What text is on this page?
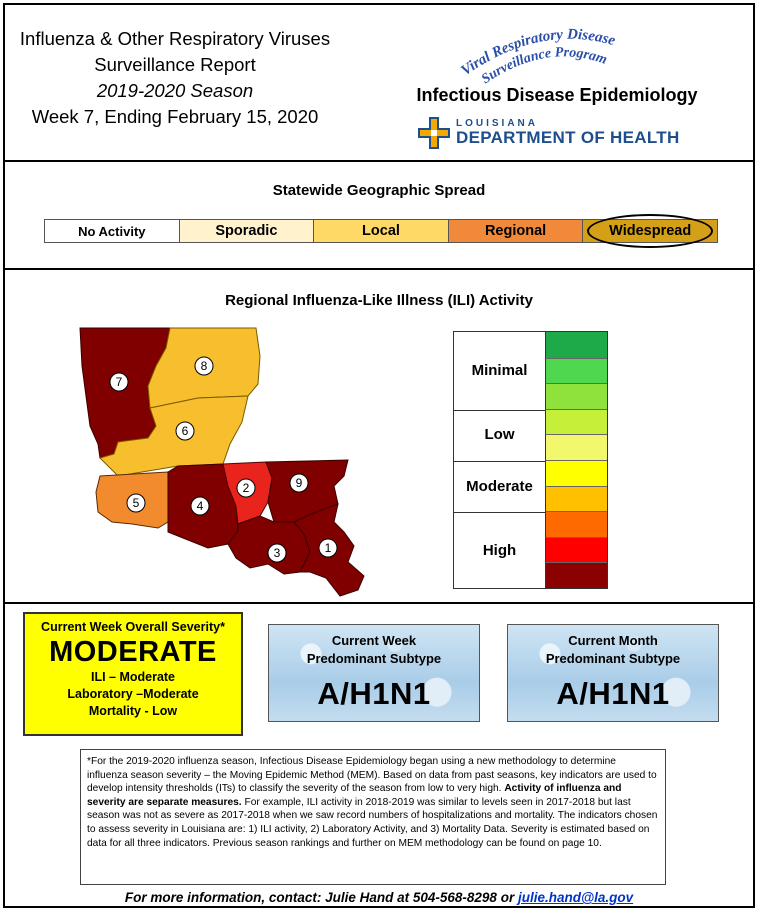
Influenza & Other Respiratory Viruses
Surveillance Report
2019-2020 Season
Week 7, Ending February 15, 2020
Viral Respiratory Disease
Surveillance Program
Infectious Disease Epidemiology
LOUISIANA
DEPARTMENT OF HEALTH
Statewide Geographic Spread
No Activity	Sporadic	Local	Regional	Widespread
Regional Influenza-Like Illness (ILI) Activity
7
8
6
5	4
2	9
3	1
Minimal
Low
Moderate
High
Current Week Overall Severity*
MODERATE
ILI – Moderate
Laboratory –Moderate
Mortality - Low
Current Week
Predominant Subtype
A/H1N1
Current Month
Predominant Subtype
A/H1N1
*For the 2019-2020 influenza season, Infectious Disease Epidemiology began using a new methodology to determine influenza season severity – the Moving Epidemic Method (MEM). Based on data from past seasons, key indicators are used to develop intensity thresholds (ITs) to classify the severity of the season from low to very high. Activity of influenza and severity are separate measures. For example, ILI activity in 2018-2019 was similar to levels seen in 2017-2018 but last season was not as severe as 2017-2018 when we saw record numbers of hospitalizations and mortality. The indicators chosen to assess severity in Louisiana are: 1) ILI activity, 2) Laboratory Activity, and 3) Mortality Data. Severity is estimated based on data for all three indicators. Previous season rankings and further on MEM methodology can be found on page 10.
For more information, contact: Julie Hand at 504-568-8298 or julie.hand@la.gov
